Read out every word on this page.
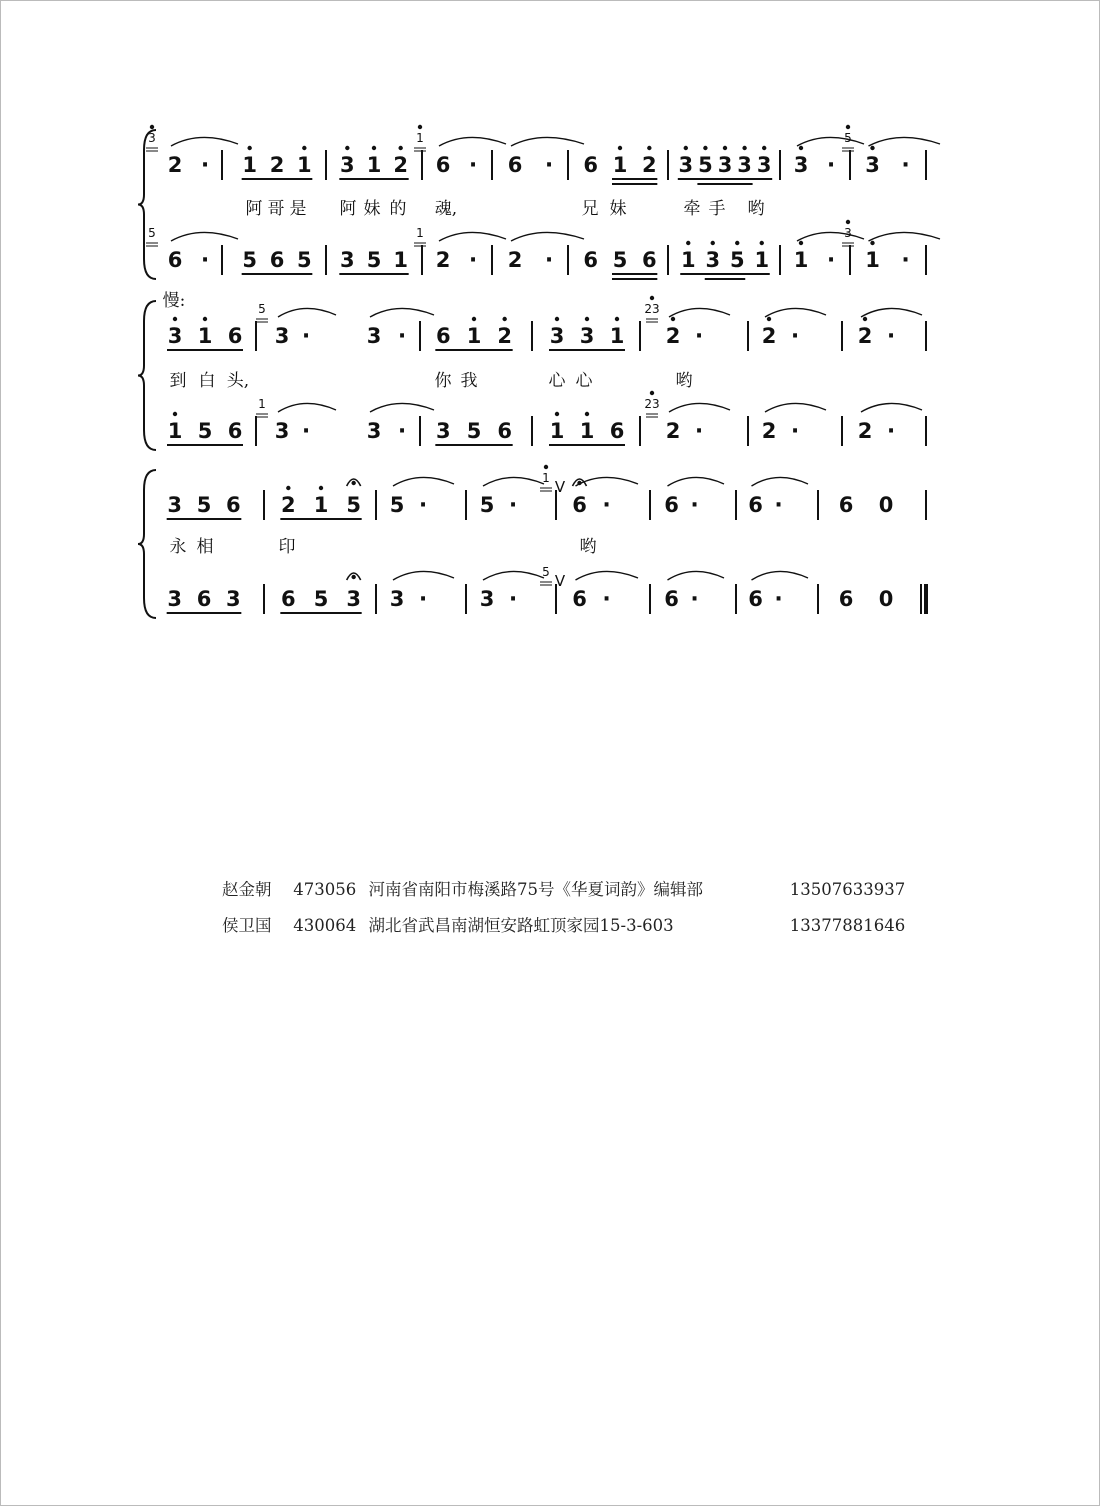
2 ·
3
1 2 1 3 1 2 6 ·
1
6 · 6 1 2 3 5 3 3 3 3 · 3 ·
5
6 ·
5
5 6 5 3 5 1 2 ·
1
2 · 6 5 6 1 3 5 1 1 · 1 ·
3
阿 哥 是 阿 妹 的 魂,	兄 妹	牵 手 哟
慢:
3 1 6 3 ·
5
3 · 6 1 2 3 3 1 2 ·
23
2 ·	2 ·
1 5 6 3 ·
1
3 · 3 5 6 1 1 6 2 ·
23
2 ·	2 ·
到 白 头,	你 我	心 心	哟
3 5 6 2 1 5 5 ·	5 ·
1 V
6 ·	6 · 6 ·	6 0
3 6 3 6 5 3 3 ·	3 ·
5 V
6 ·	6 · 6 ·	6 0
永 相	印	哟
赵金朝 473056 河南省南阳市梅溪路75号《华夏词韵》编辑部	13507633937
侯卫国 430064 湖北省武昌南湖恒安路虹顶家园15-3-603	13377881646
